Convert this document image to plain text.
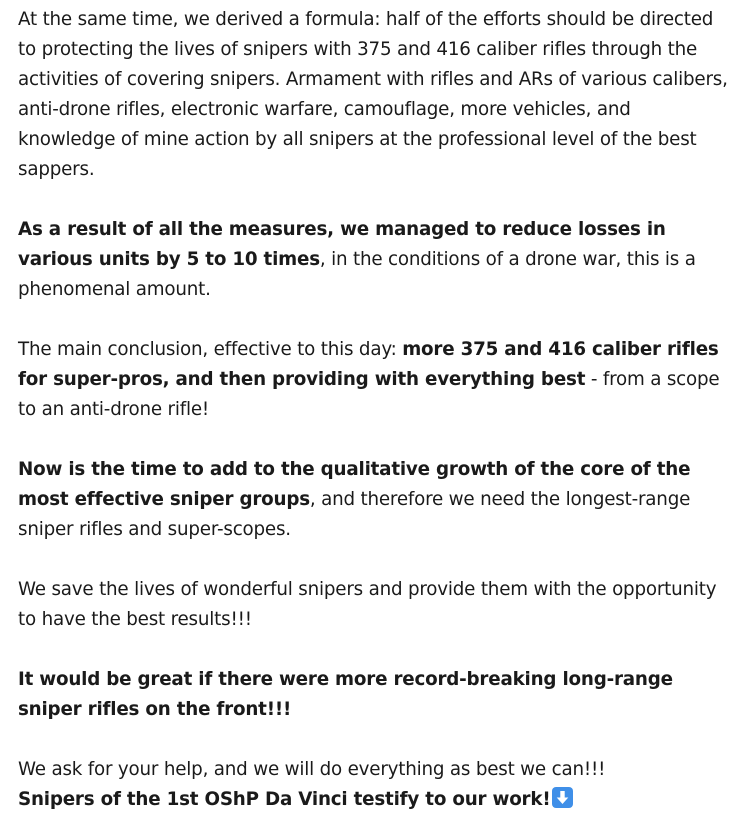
At the same time, we derived a formula: half of the efforts should be directed to protecting the lives of snipers with 375 and 416 caliber rifles through the activities of covering snipers. Armament with rifles and ARs of various calibers, anti-drone rifles, electronic warfare, camouflage, more vehicles, and knowledge of mine action by all snipers at the professional level of the best sappers.

As a result of all the measures, we managed to reduce losses in various units by 5 to 10 times, in the conditions of a drone war, this is a phenomenal amount.

The main conclusion, effective to this day: more 375 and 416 caliber rifles for super-pros, and then providing with everything best - from a scope to an anti-drone rifle!

Now is the time to add to the qualitative growth of the core of the most effective sniper groups, and therefore we need the longest-range sniper rifles and super-scopes.

We save the lives of wonderful snipers and provide them with the opportunity to have the best results!!!

It would be great if there were more record-breaking long-range sniper rifles on the front!!!

We ask for your help, and we will do everything as best we can!!!
Snipers of the 1st OShP Da Vinci testify to our work!
